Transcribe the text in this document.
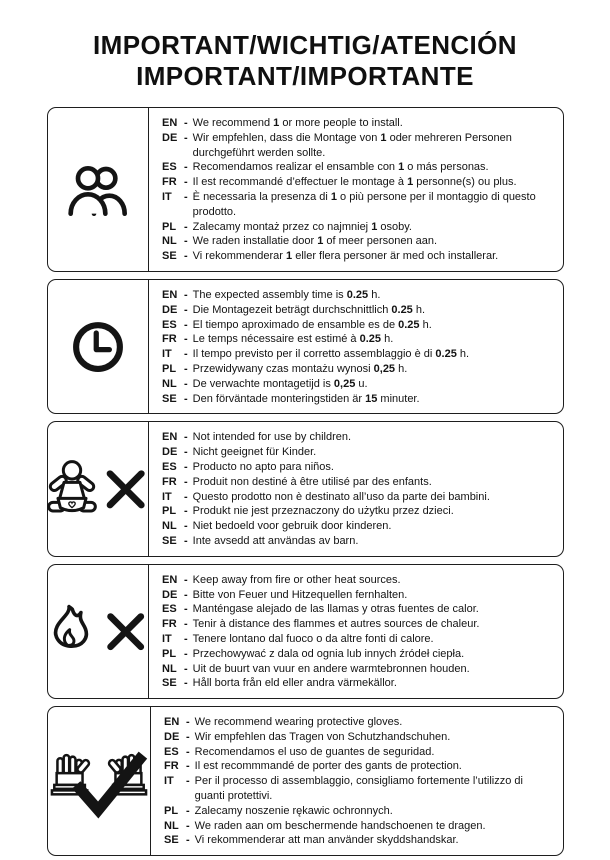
IMPORTANT/WICHTIG/ATENCIÓN
IMPORTANT/IMPORTANTE
EN - We recommend 1 or more people to install.
DE - Wir empfehlen, dass die Montage von 1 oder mehreren Personen durchgeführt werden sollte.
ES - Recomendamos realizar el ensamble con 1 o más personas.
FR - Il est recommandé d’effectuer le montage à 1 personne(s) ou plus.
IT	- È necessaria la presenza di 1 o più persone per il montaggio di questo prodotto.
PL - Zalecamy montaż przez co najmniej 1 osoby.
NL - We raden installatie door 1 of meer personen aan.
SE - Vi rekommenderar 1 eller flera personer är med och installerar.
EN - The expected assembly time is 0.25 h.
DE - Die Montagezeit beträgt durchschnittlich 0.25 h.
ES - El tiempo aproximado de ensamble es de 0.25 h.
FR - Le temps nécessaire est estimé à 0.25 h.
IT	- Il tempo previsto per il corretto assemblaggio è di 0.25 h.
PL - Przewidywany czas montażu wynosi 0,25 h.
NL - De verwachte montagetijd is 0,25 u.
SE - Den förväntade monteringstiden är 15 minuter.
EN - Not intended for use by children.
DE - Nicht geeignet für Kinder.
ES - Producto no apto para niños.
FR - Produit non destiné à être utilisé par des enfants.
IT	- Questo prodotto non è destinato all’uso da parte dei bambini.
PL - Produkt nie jest przeznaczony do użytku przez dzieci.
NL - Niet bedoeld voor gebruik door kinderen.
SE - Inte avsedd att användas av barn.
EN - Keep away from fire or other heat sources.
DE - Bitte von Feuer und Hitzequellen fernhalten.
ES - Manténgase alejado de las llamas y otras fuentes de calor.
FR - Tenir à distance des flammes et autres sources de chaleur.
IT	- Tenere lontano dal fuoco o da altre fonti di calore.
PL - Przechowywać z dala od ognia lub innych źródeł ciepła.
NL - Uit de buurt van vuur en andere warmtebronnen houden.
SE - Håll borta från eld eller andra värmekällor.
EN - We recommend wearing protective gloves.
DE - Wir empfehlen das Tragen von Schutzhandschuhen.
ES - Recomendamos el uso de guantes de seguridad.
FR - Il est recommmandé de porter des gants de protection.
IT	- Per il processo di assemblaggio, consigliamo fortemente l’utilizzo di guanti protettivi.
PL - Zalecamy noszenie rękawic ochronnych.
NL - We raden aan om beschermende handschoenen te dragen.
SE - Vi rekommenderar att man använder skyddshandskar.
